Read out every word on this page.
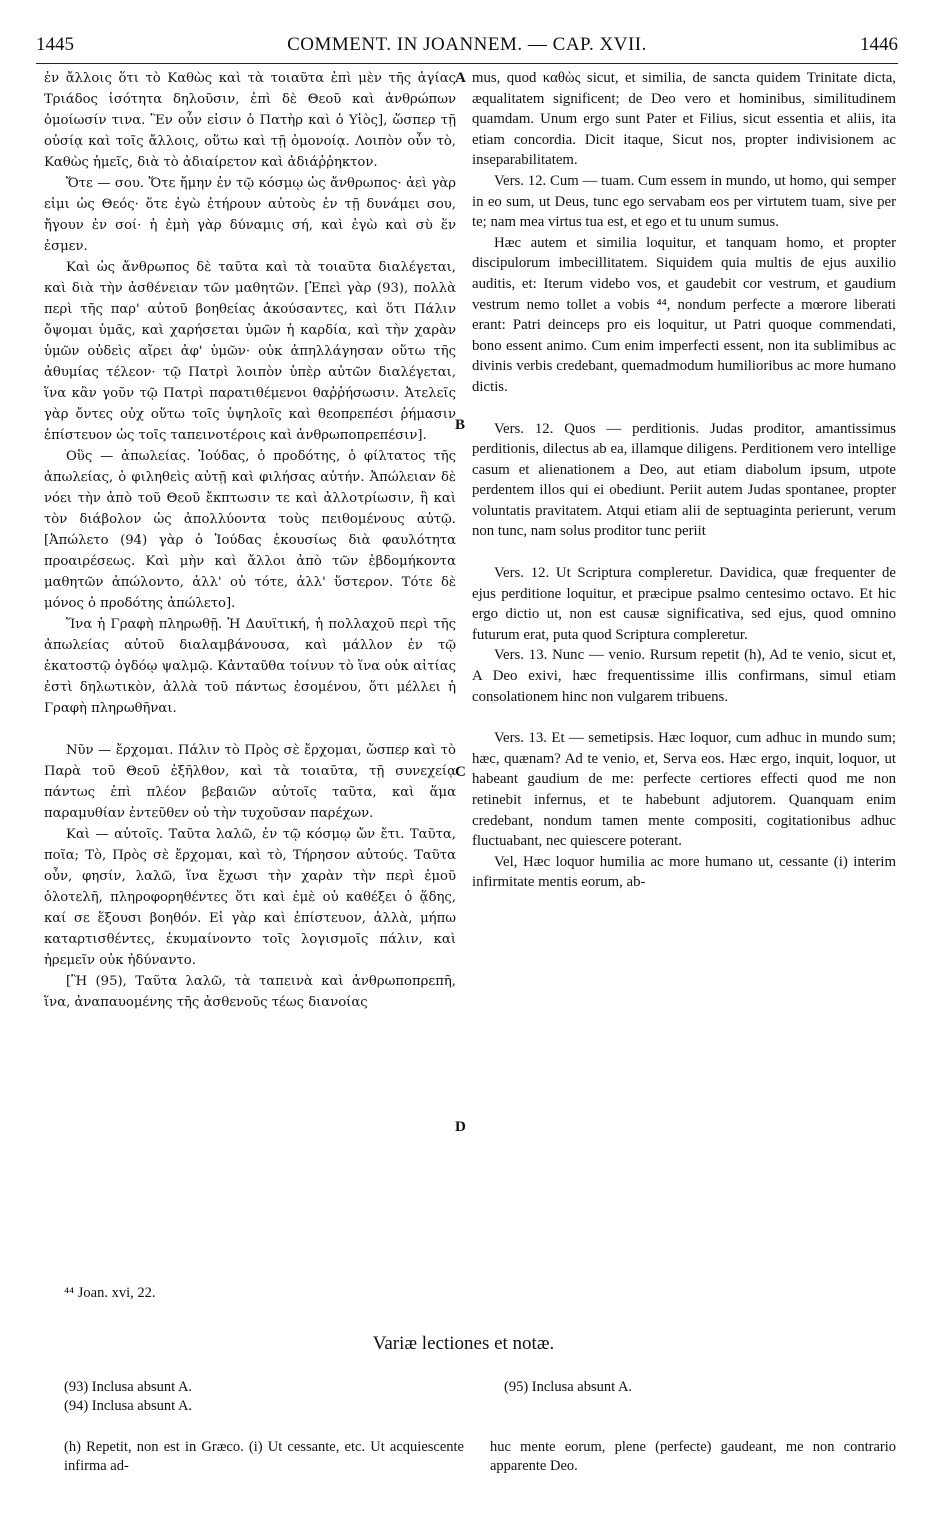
1445	COMMENT. IN JOANNEM. — CAP. XVII.	1446

ἐν ἄλλοις ὅτι τὸ Καθὼς καὶ τὰ τοιαῦτα ἐπὶ μὲν τῆς ἁγίας Τριάδος ἰσότητα δηλοῦσιν, ἐπὶ δὲ Θεοῦ καὶ ἀνθρώπων ὁμοίωσίν τινα. Ἓν οὖν εἰσιν ὁ Πατὴρ καὶ ὁ Υἱὸς], ὥσπερ τῇ οὐσίᾳ καὶ τοῖς ἄλλοις, οὕτω καὶ τῇ ὁμονοίᾳ. Λοιπὸν οὖν τὸ, Καθὼς ἡμεῖς, διὰ τὸ ἀδιαίρετον καὶ ἀδιάῤῥηκτον.

Ὅτε — σου. Ὅτε ἤμην ἐν τῷ κόσμῳ ὡς ἄνθρωπος· ἀεὶ γὰρ εἰμι ὡς Θεός· ὅτε ἐγὼ ἐτήρουν αὐτοὺς ἐν τῇ δυνάμει σου, ἤγουν ἐν σοί· ἡ ἐμὴ γὰρ δύναμις σή, καὶ ἐγὼ καὶ σὺ ἕν ἐσμεν.

Καὶ ὡς ἄνθρωπος δὲ ταῦτα καὶ τὰ τοιαῦτα διαλέγεται, καὶ διὰ τὴν ἀσθένειαν τῶν μαθητῶν. [Ἐπεὶ γὰρ (93), πολλὰ περὶ τῆς παρ' αὐτοῦ βοηθείας ἀκούσαντες, καὶ ὅτι Πάλιν ὄψομαι ὑμᾶς, καὶ χαρήσεται ὑμῶν ἡ καρδία, καὶ τὴν χαρὰν ὑμῶν οὐδεὶς αἴρει ἀφ' ὑμῶν· οὐκ ἀπηλλάγησαν οὕτω τῆς ἀθυμίας τέλεον· τῷ Πατρὶ λοιπὸν ὑπὲρ αὐτῶν διαλέγεται, ἵνα κἂν γοῦν τῷ Πατρὶ παρατιθέμενοι θαῤῥήσωσιν. Ἀτελεῖς γὰρ ὄντες οὐχ οὕτω τοῖς ὑψηλοῖς καὶ θεοπρεπέσι ῥήμασιν ἐπίστευον ὡς τοῖς ταπεινοτέροις καὶ ἀνθρωποπρεπέσιν].

Οὓς — ἀπωλείας. Ἰούδας, ὁ προδότης, ὁ φίλτατος τῆς ἀπωλείας, ὁ φιληθεὶς αὐτῇ καὶ φιλήσας αὐτήν. Ἀπώλειαν δὲ νόει τὴν ἀπὸ τοῦ Θεοῦ ἔκπτωσιν τε καὶ ἀλλοτρίωσιν, ἢ καὶ τὸν διάβολον ὡς ἀπολλύοντα τοὺς πειθομένους αὐτῷ. [Ἀπώλετο (94) γὰρ ὁ Ἰούδας ἑκουσίως διὰ φαυλότητα προαιρέσεως. Καὶ μὴν καὶ ἄλλοι ἀπὸ τῶν ἑβδομήκοντα μαθητῶν ἀπώλοντο, ἀλλ' οὐ τότε, ἀλλ' ὕστερον. Τότε δὲ μόνος ὁ προδότης ἀπώλετο].

Ἵνα ἡ Γραφὴ πληρωθῇ. Ἡ Δαυϊτική, ἡ πολλαχοῦ περὶ τῆς ἀπωλείας αὐτοῦ διαλαμβάνουσα, καὶ μάλλον ἐν τῷ ἑκατοστῷ ὀγδόῳ ψαλμῷ. Κἀνταῦθα τοίνυν τὸ ἵνα οὐκ αἰτίας ἐστὶ δηλωτικὸν, ἀλλὰ τοῦ πάντως ἐσομένου, ὅτι μέλλει ἡ Γραφὴ πληρωθῆναι.

Νῦν — ἔρχομαι. Πάλιν τὸ Πρὸς σὲ ἔρχομαι, ὥσπερ καὶ τὸ Παρὰ τοῦ Θεοῦ ἐξῆλθον, καὶ τὰ τοιαῦτα, τῇ συνεχείᾳ πάντως ἐπὶ πλέον βεβαιῶν αὐτοῖς ταῦτα, καὶ ἅμα παραμυθίαν ἐντεῦθεν οὐ τὴν τυχοῦσαν παρέχων.

Καὶ — αὐτοῖς. Ταῦτα λαλῶ, ἐν τῷ κόσμῳ ὤν ἔτι. Ταῦτα, ποῖα; Τὸ, Πρὸς σὲ ἔρχομαι, καὶ τὸ, Τήρησον αὐτούς. Ταῦτα οὖν, φησίν, λαλῶ, ἵνα ἔχωσι τὴν χαρὰν τὴν περὶ ἐμοῦ ὁλοτελῆ, πληροφορηθέντες ὅτι καὶ ἐμὲ οὐ καθέξει ὁ ᾅδης, καί σε ἕξουσι βοηθόν. Εἰ γὰρ καὶ ἐπίστευον, ἀλλὰ, μήπω καταρτισθέντες, ἐκυμαίνοντο τοῖς λογισμοῖς πάλιν, καὶ ἠρεμεῖν οὐκ ἠδύναντο.

[Ἢ (95), Ταῦτα λαλῶ, τὰ ταπεινὰ καὶ ἀνθρωποπρεπῆ, ἵνα, ἀναπαυομένης τῆς ἀσθενοῦς τέως διανοίας

A
B
C
D

mus, quod καθὼς sicut, et similia, de sancta quidem Trinitate dicta, æqualitatem significent; de Deo vero et hominibus, similitudinem quamdam. Unum ergo sunt Pater et Filius, sicut essentia et aliis, ita etiam concordia. Dicit itaque, Sicut nos, propter indivisionem ac inseparabilitatem.

Vers. 12. Cum — tuam. Cum essem in mundo, ut homo, qui semper in eo sum, ut Deus, tunc ego servabam eos per virtutem tuam, sive per te; nam mea virtus tua est, et ego et tu unum sumus.

Hæc autem et similia loquitur, et tanquam homo, et propter discipulorum imbecillitatem. Siquidem quia multis de ejus auxilio auditis, et: Iterum videbo vos, et gaudebit cor vestrum, et gaudium vestrum nemo tollet a vobis ⁴⁴, nondum perfecte a mœrore liberati erant: Patri deinceps pro eis loquitur, ut Patri quoque commendati, bono essent animo. Cum enim imperfecti essent, non ita sublimibus ac divinis verbis credebant, quemadmodum humilioribus ac more humano dictis.

Vers. 12. Quos — perditionis. Judas proditor, amantissimus perditionis, dilectus ab ea, illamque diligens. Perditionem vero intellige casum et alienationem a Deo, aut etiam diabolum ipsum, utpote perdentem illos qui ei obediunt. Periit autem Judas spontanee, propter voluntatis pravitatem. Atqui etiam alii de septuaginta perierunt, verum non tunc, nam solus proditor tunc periit

Vers. 12. Ut Scriptura compleretur. Davidica, quæ frequenter de ejus perditione loquitur, et præcipue psalmo centesimo octavo. Et hic ergo dictio ut, non est causæ significativa, sed ejus, quod omnino futurum erat, puta quod Scriptura compleretur.

Vers. 13. Nunc — venio. Rursum repetit (h), Ad te venio, sicut et, A Deo exivi, hæc frequentissime illis confirmans, simul etiam consolationem hinc non vulgarem tribuens.

Vers. 13. Et — semetipsis. Hæc loquor, cum adhuc in mundo sum; hæc, quænam? Ad te venio, et, Serva eos. Hæc ergo, inquit, loquor, ut habeant gaudium de me: perfecte certiores effecti quod me non retinebit infernus, et te habebunt adjutorem. Quanquam enim credebant, nondum tamen mente compositi, cogitationibus adhuc fluctuabant, nec quiescere poterant.

Vel, Hæc loquor humilia ac more humano ut, cessante (i) interim infirmitate mentis eorum, ab-

⁴⁴ Joan. xvi, 22.
Variæ lectiones et notæ.
(93) Inclusa absunt A.
(94) Inclusa absunt A.
(95) Inclusa absunt A.
(h) Repetit, non est in Græco. (i) Ut cessante, etc. Ut acquiescente infirma ad-
huc mente eorum, plene (perfecte) gaudeant, me non contrario apparente Deo.
